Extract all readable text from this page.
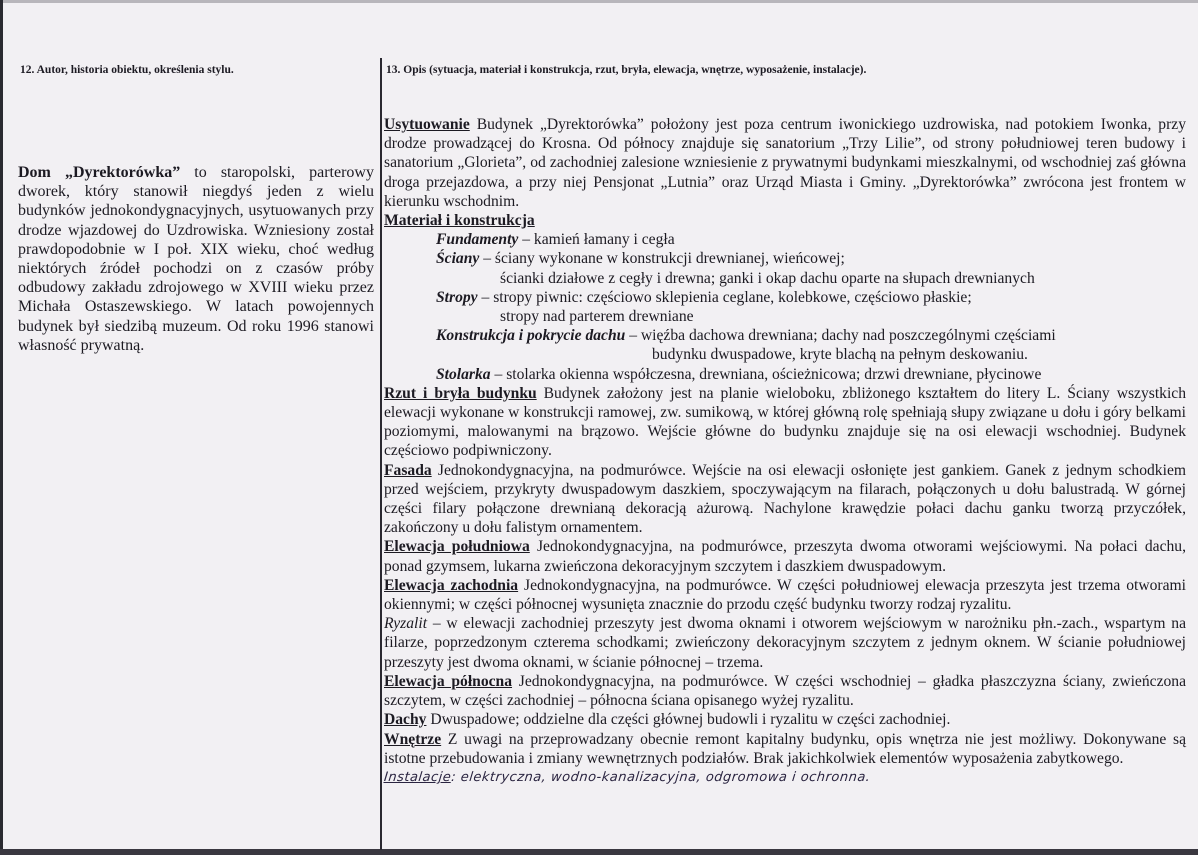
12. Autor, historia obiektu, określenia stylu.	13. Opis (sytuacja, materiał i konstrukcja, rzut, bryła, elewacja, wnętrze, wyposażenie, instalacje).

Dom „Dyrektorówka” to staropolski, parterowy dworek, który stanowił niegdyś jeden z wielu budynków jednokondygnacyjnych, usytuowanych przy drodze wjazdowej do Uzdrowiska. Wzniesiony został prawdopodobnie w I poł. XIX wieku, choć według niektórych źródeł pochodzi on z czasów próby odbudowy zakładu zdrojowego w XVIII wieku przez Michała Ostaszewskiego. W latach powojennych budynek był siedzibą muzeum. Od roku 1996 stanowi własność prywatną.

Usytuowanie Budynek „Dyrektorówka” położony jest poza centrum iwonickiego uzdrowiska, nad potokiem Iwonka, przy drodze prowadzącej do Krosna. Od północy znajduje się sanatorium „Trzy Lilie”, od strony południowej teren budowy i sanatorium „Glorieta”, od zachodniej zalesione wzniesienie z prywatnymi budynkami mieszkalnymi, od wschodniej zaś główna droga przejazdowa, a przy niej Pensjonat „Lutnia” oraz Urząd Miasta i Gminy. „Dyrektorówka” zwrócona jest frontem w kierunku wschodnim.

Materiał i konstrukcja

Fundamenty – kamień łamany i cegła

Ściany – ściany wykonane w konstrukcji drewnianej, wieńcowej;

ścianki działowe z cegły i drewna; ganki i okap dachu oparte na słupach drewnianych

Stropy – stropy piwnic: częściowo sklepienia ceglane, kolebkowe, częściowo płaskie;

stropy nad parterem drewniane

Konstrukcja i pokrycie dachu – więźba dachowa drewniana; dachy nad poszczególnymi częściami

budynku dwuspadowe, kryte blachą na pełnym deskowaniu.

Stolarka – stolarka okienna współczesna, drewniana, ościeżnicowa; drzwi drewniane, płycinowe

Rzut i bryła budynku Budynek założony jest na planie wieloboku, zbliżonego kształtem do litery L. Ściany wszystkich elewacji wykonane w konstrukcji ramowej, zw. sumikową, w której główną rolę spełniają słupy związane u dołu i góry belkami poziomymi, malowanymi na brązowo. Wejście główne do budynku znajduje się na osi elewacji wschodniej. Budynek częściowo podpiwniczony.

Fasada Jednokondygnacyjna, na podmurówce. Wejście na osi elewacji osłonięte jest gankiem. Ganek z jednym schodkiem przed wejściem, przykryty dwuspadowym daszkiem, spoczywającym na filarach, połączonych u dołu balustradą. W górnej części filary połączone drewnianą dekoracją ażurową. Nachylone krawędzie połaci dachu ganku tworzą przyczółek, zakończony u dołu falistym ornamentem.

Elewacja południowa Jednokondygnacyjna, na podmurówce, przeszyta dwoma otworami wejściowymi. Na połaci dachu, ponad gzymsem, lukarna zwieńczona dekoracyjnym szczytem i daszkiem dwuspadowym.

Elewacja zachodnia Jednokondygnacyjna, na podmurówce. W części południowej elewacja przeszyta jest trzema otworami okiennymi; w części północnej wysunięta znacznie do przodu część budynku tworzy rodzaj ryzalitu.

Ryzalit – w elewacji zachodniej przeszyty jest dwoma oknami i otworem wejściowym w narożniku płn.-zach., wspartym na filarze, poprzedzonym czterema schodkami; zwieńczony dekoracyjnym szczytem z jednym oknem. W ścianie południowej przeszyty jest dwoma oknami, w ścianie północnej – trzema.

Elewacja północna Jednokondygnacyjna, na podmurówce. W części wschodniej – gładka płaszczyzna ściany, zwieńczona szczytem, w części zachodniej – północna ściana opisanego wyżej ryzalitu.

Dachy Dwuspadowe; oddzielne dla części głównej budowli i ryzalitu w części zachodniej.

Wnętrze Z uwagi na przeprowadzany obecnie remont kapitalny budynku, opis wnętrza nie jest możliwy. Dokonywane są istotne przebudowania i zmiany wewnętrznych podziałów. Brak jakichkolwiek elementów wyposażenia zabytkowego.

Instalacje: elektryczna, wodno-kanalizacyjna, odgromowa i ochronna.
